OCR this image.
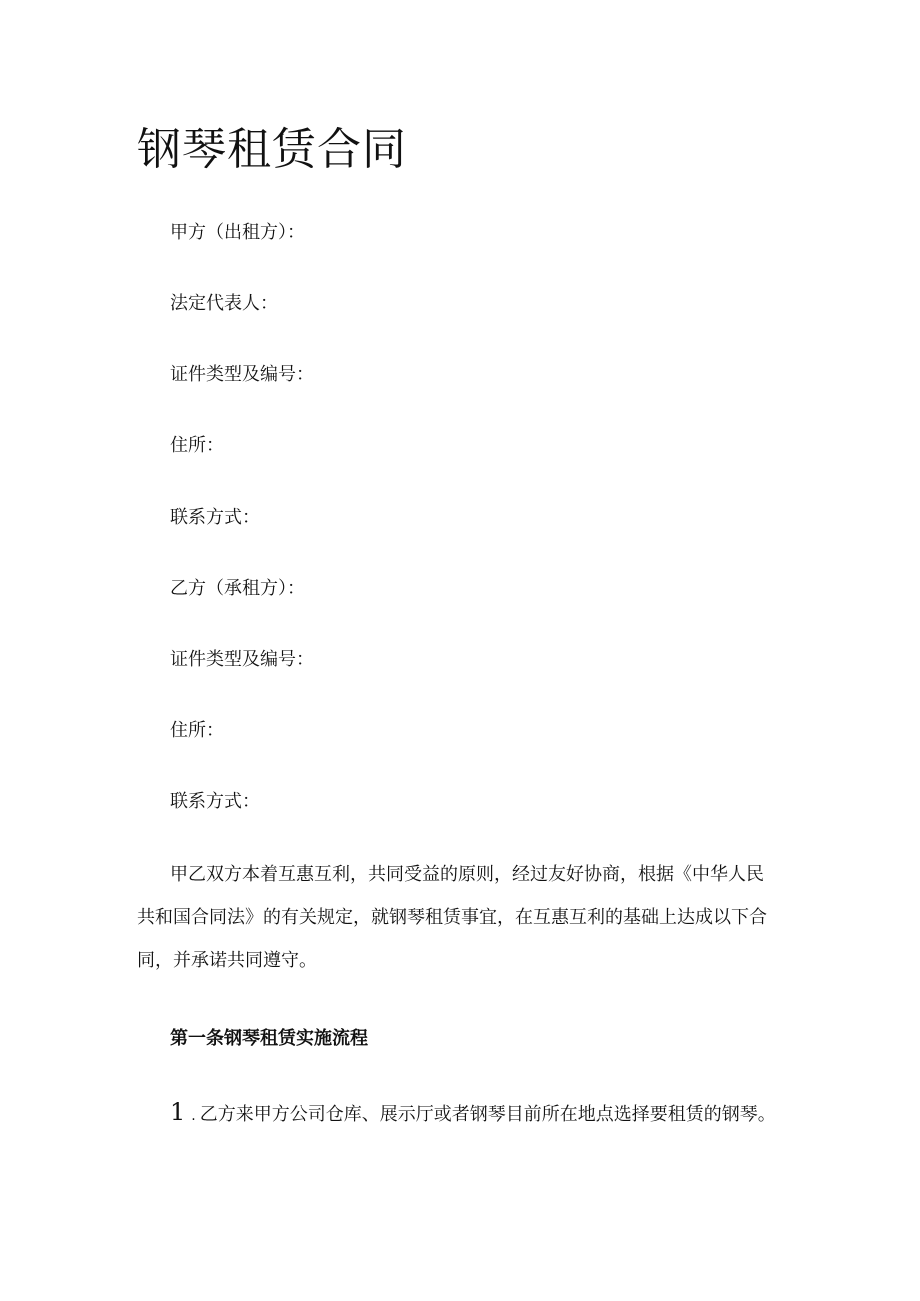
钢琴租赁合同
甲方（出租方）：
法定代表人：
证件类型及编号：
住所：
联系方式：
乙方（承租方）：
证件类型及编号：
住所：
联系方式：

甲乙双方本着互惠互利，共同受益的原则，经过友好协商，根据《中华人民
共和国合同法》的有关规定，就钢琴租赁事宜，在互惠互利的基础上达成以下合
同，并承诺共同遵守。

第一条钢琴租赁实施流程
1 . 乙方来甲方公司仓库、展示厅或者钢琴目前所在地点选择要租赁的钢琴。
